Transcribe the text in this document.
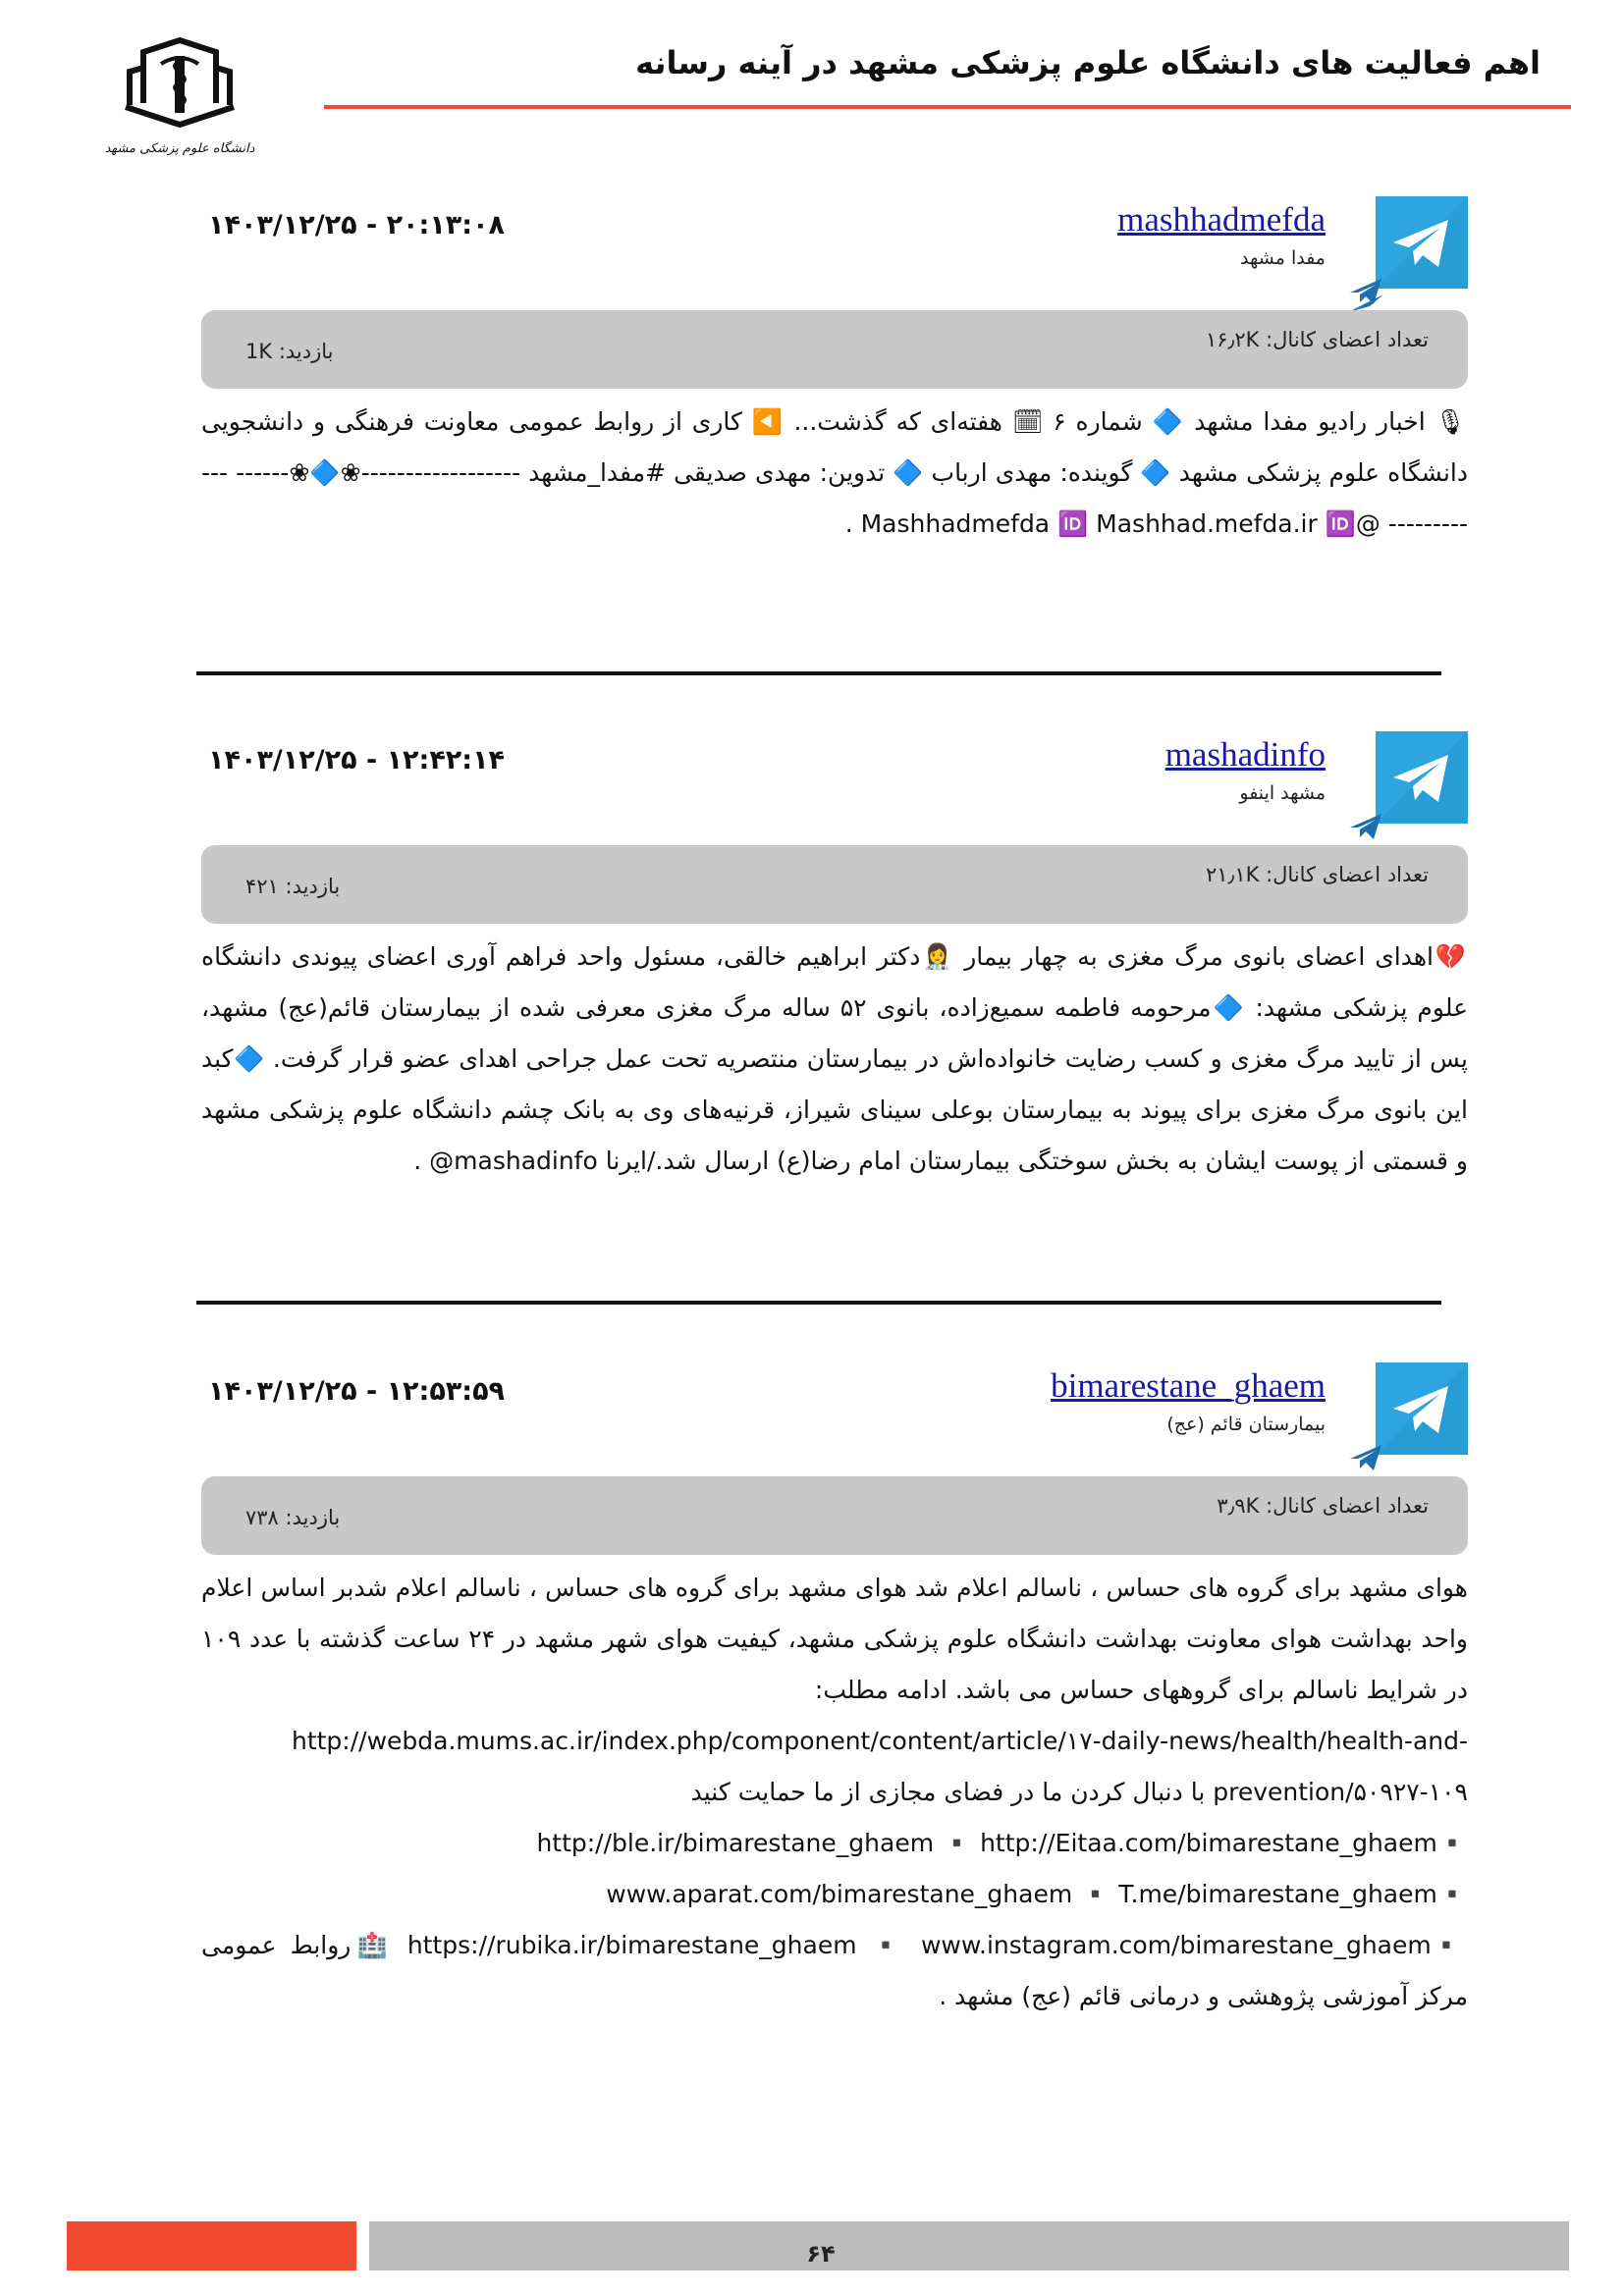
دانشگاه علوم پزشکی مشهد
اهم فعالیت های دانشگاه علوم پزشکی مشهد در آینه رسانه
mashhadmefda
مفدا مشهد
۱۴۰۳/۱۲/۲۵ - ۲۰:۱۳:۰۸
تعداد اعضای کانال: ۱۶٫۲K
بازدید: 1K
🎙 اخبار رادیو مفدا مشهد 🔷 شماره ۶ 🗓 هفته‌ای که گذشت... ◀️ کاری از روابط عمومی معاونت فرهنگی و دانشجویی دانشگاه علوم پزشکی مشهد 🔷 گوینده: مهدی ارباب 🔷 تدوین: مهدی صدیقی #مفدا_مشهد ------------------❀🔷❀------ ------------ @Mashhadmefda 🆔 Mashhad.mefda.ir 🆔 .
mashadinfo
مشهد اینفو
۱۴۰۳/۱۲/۲۵ - ۱۲:۴۲:۱۴
تعداد اعضای کانال: ۲۱٫۱K
بازدید: ۴۲۱
💔اهدای اعضای بانوی مرگ مغزی به چهار بیمار 👩‍⚕️دکتر ابراهیم خالقی، مسئول واحد فراهم آوری اعضای پیوندی دانشگاه علوم پزشکی مشهد: 🔷مرحومه فاطمه سمیع‌زاده، بانوی ۵۲ ساله مرگ مغزی معرفی شده از بیمارستان قائم(عج) مشهد، پس از تایید مرگ مغزی و کسب رضایت خانواده‌اش در بیمارستان منتصریه تحت عمل جراحی اهدای عضو قرار گرفت. 🔷کبد این بانوی مرگ مغزی برای پیوند به بیمارستان بوعلی سینای شیراز، قرنیه‌های وی به بانک چشم دانشگاه علوم پزشکی مشهد و قسمتی از پوست ایشان به بخش سوختگی بیمارستان امام رضا(ع) ارسال شد./ایرنا mashadinfo@ .
bimarestane_ghaem
بیمارستان قائم (عج)
۱۴۰۳/۱۲/۲۵ - ۱۲:۵۳:۵۹
تعداد اعضای کانال: ۳٫۹K
بازدید: ۷۳۸
هوای مشهد برای گروه های حساس ، ناسالم اعلام شد هوای مشهد برای گروه های حساس ، ناسالم اعلام شدبر اساس اعلام واحد بهداشت هوای معاونت بهداشت دانشگاه علوم پزشکی مشهد، کیفیت هوای شهر مشهد در ۲۴ ساعت گذشته با عدد ۱۰۹ در شرایط ناسالم برای گروههای حساس می باشد. ادامه مطلب:
http://webda.mums.ac.ir/index.php/component/content/article/۱۷-daily-news/health/health-and-prevention/۵۰۹۲۷-۱۰۹ با دنبال کردن ما در فضای مجازی از ما حمایت کنید
▪️http://ble.ir/bimarestane_ghaem ▪️ http://Eitaa.com/bimarestane_ghaem
▪️www.aparat.com/bimarestane_ghaem ▪️ T.me/bimarestane_ghaem
▪️https://rubika.ir/bimarestane_ghaem ▪️ www.instagram.com/bimarestane_ghaem 🏥روابط عمومی مرکز آموزشی پژوهشی و درمانی قائم (عج) مشهد .
۶۴
